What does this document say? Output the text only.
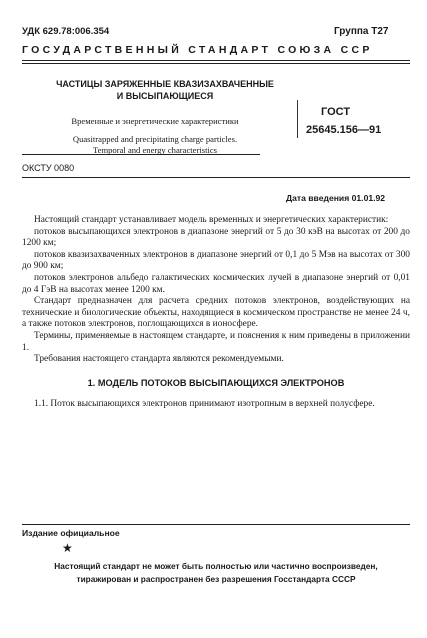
УДК 629.78:006.354	Группа Т27
ГОСУДАРСТВЕННЫЙ СТАНДАРТ СОЮЗА ССР
ЧАСТИЦЫ ЗАРЯЖЕННЫЕ КВАЗИЗАХВАЧЕННЫЕ
И ВЫСЫПАЮЩИЕСЯ
Временные и энергетические характеристики
Quasitrapped and precipitating charge particles.
Temporal and energy characteristics
ГОСТ
25645.156—91
ОКСТУ 0080
Дата введения 01.01.92

Настоящий стандарт устанавливает модель временных и энергетических характеристик:

потоков высыпающихся электронов в диапазоне энергий от 5 до 30 кэВ на высотах от 200 до 1200 км;

потоков квазизахваченных электронов в диапазоне энергий от 0,1 до 5 Мэв на высотах от 300 до 900 км;

потоков электронов альбедо галактических космических лучей в диапазоне энергий от 0,01 до 4 ГэВ на высотах менее 1200 км.

Стандарт предназначен для расчета средних потоков электронов, воздействующих на технические и биологические объекты, находящиеся в космическом пространстве не менее 24 ч, а также потоков электронов, поглощающихся в ионосфере.

Термины, применяемые в настоящем стандарте, и пояснения к ним приведены в приложении 1.

Требования настоящего стандарта являются рекомендуемыми.

1. МОДЕЛЬ ПОТОКОВ ВЫСЫПАЮЩИХСЯ ЭЛЕКТРОНОВ

1.1. Поток высыпающихся электронов принимают изотропным в верхней полусфере.

Издание официальное
★
Настоящий стандарт не может быть полностью или частично воспроизведен,
тиражирован и распространен без разрешения Госстандарта СССР
